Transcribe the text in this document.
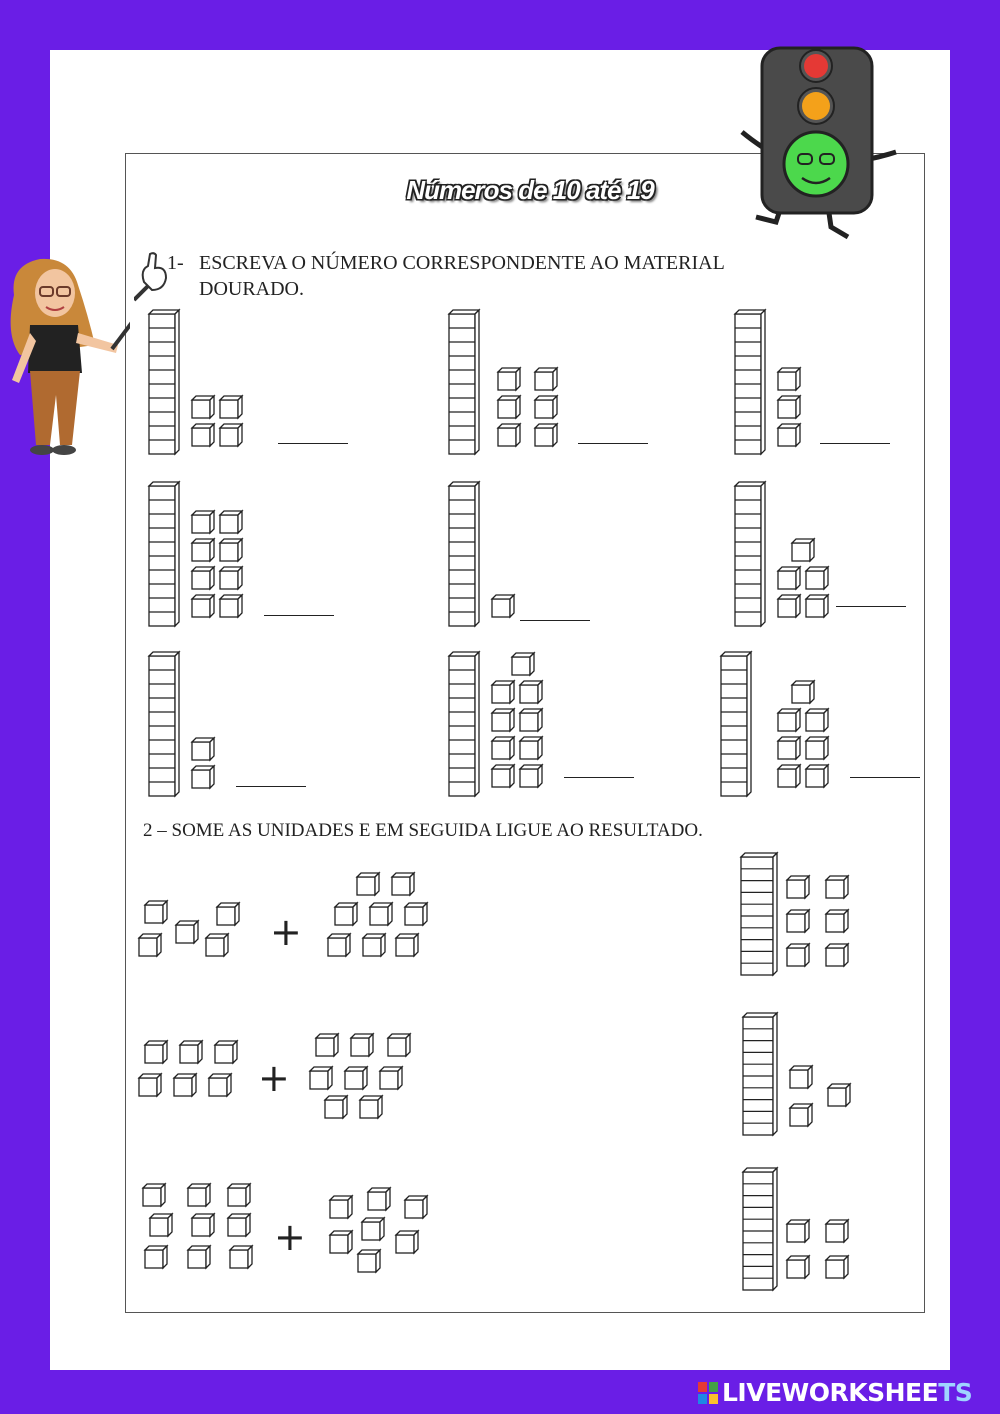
Números de 10 até 19
1- ESCREVA O NÚMERO CORRESPONDENTE AO MATERIAL
DOURADO.
2 – SOME AS UNIDADES E EM SEGUIDA LIGUE AO RESULTADO.
+
+
+
LIVEWORKSHEETS
